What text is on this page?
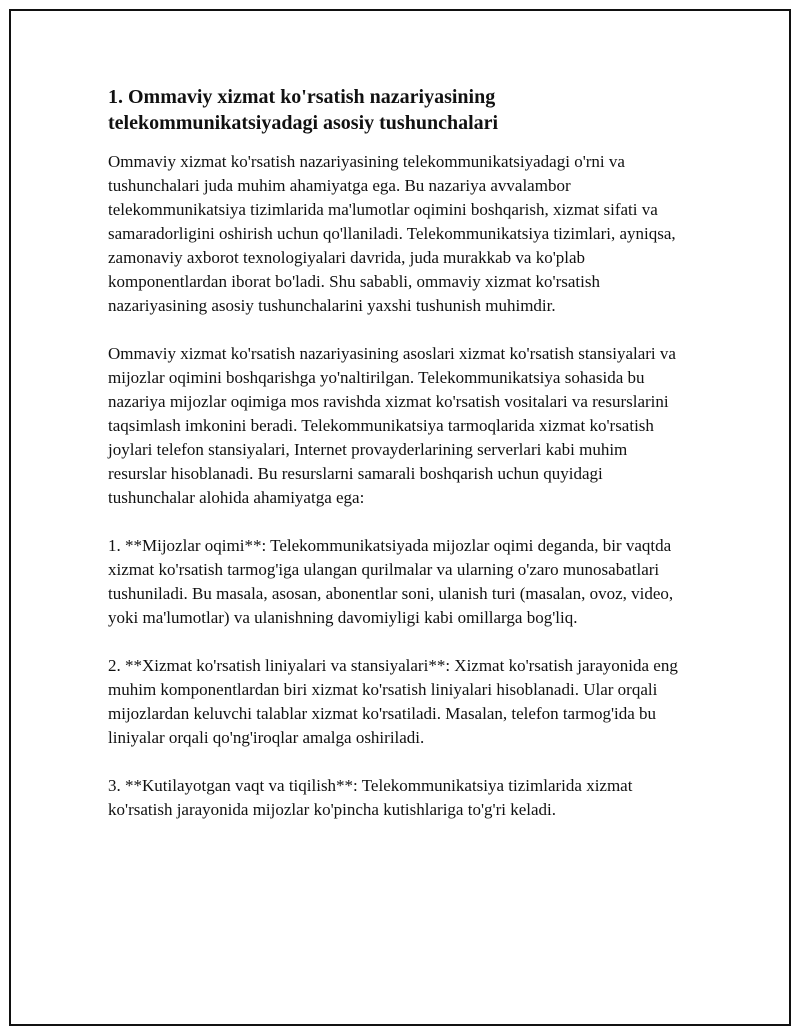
1. Ommaviy xizmat ko'rsatish nazariyasining telekommunikatsiyadagi asosiy tushunchalari

Ommaviy xizmat ko'rsatish nazariyasining telekommunikatsiyadagi o'rni va tushunchalari juda muhim ahamiyatga ega. Bu nazariya avvalambor telekommunikatsiya tizimlarida ma'lumotlar oqimini boshqarish, xizmat sifati va samaradorligini oshirish uchun qo'llaniladi. Telekommunikatsiya tizimlari, ayniqsa, zamonaviy axborot texnologiyalari davrida, juda murakkab va ko'plab komponentlardan iborat bo'ladi. Shu sababli, ommaviy xizmat ko'rsatish nazariyasining asosiy tushunchalarini yaxshi tushunish muhimdir.

Ommaviy xizmat ko'rsatish nazariyasining asoslari xizmat ko'rsatish stansiyalari va mijozlar oqimini boshqarishga yo'naltirilgan. Telekommunikatsiya sohasida bu nazariya mijozlar oqimiga mos ravishda xizmat ko'rsatish vositalari va resurslarini taqsimlash imkonini beradi. Telekommunikatsiya tarmoqlarida xizmat ko'rsatish joylari telefon stansiyalari, Internet provayderlarining serverlari kabi muhim resurslar hisoblanadi. Bu resurslarni samarali boshqarish uchun quyidagi tushunchalar alohida ahamiyatga ega:

1. **Mijozlar oqimi**: Telekommunikatsiyada mijozlar oqimi deganda, bir vaqtda xizmat ko'rsatish tarmog'iga ulangan qurilmalar va ularning o'zaro munosabatlari tushuniladi. Bu masala, asosan, abonentlar soni, ulanish turi (masalan, ovoz, video, yoki ma'lumotlar) va ulanishning davomiyligi kabi omillarga bog'liq.

2. **Xizmat ko'rsatish liniyalari va stansiyalari**: Xizmat ko'rsatish jarayonida eng muhim komponentlardan biri xizmat ko'rsatish liniyalari hisoblanadi. Ular orqali mijozlardan keluvchi talablar xizmat ko'rsatiladi. Masalan, telefon tarmog'ida bu liniyalar orqali qo'ng'iroqlar amalga oshiriladi.

3. **Kutilayotgan vaqt va tiqilish**: Telekommunikatsiya tizimlarida xizmat ko'rsatish jarayonida mijozlar ko'pincha kutishlariga to'g'ri keladi.
